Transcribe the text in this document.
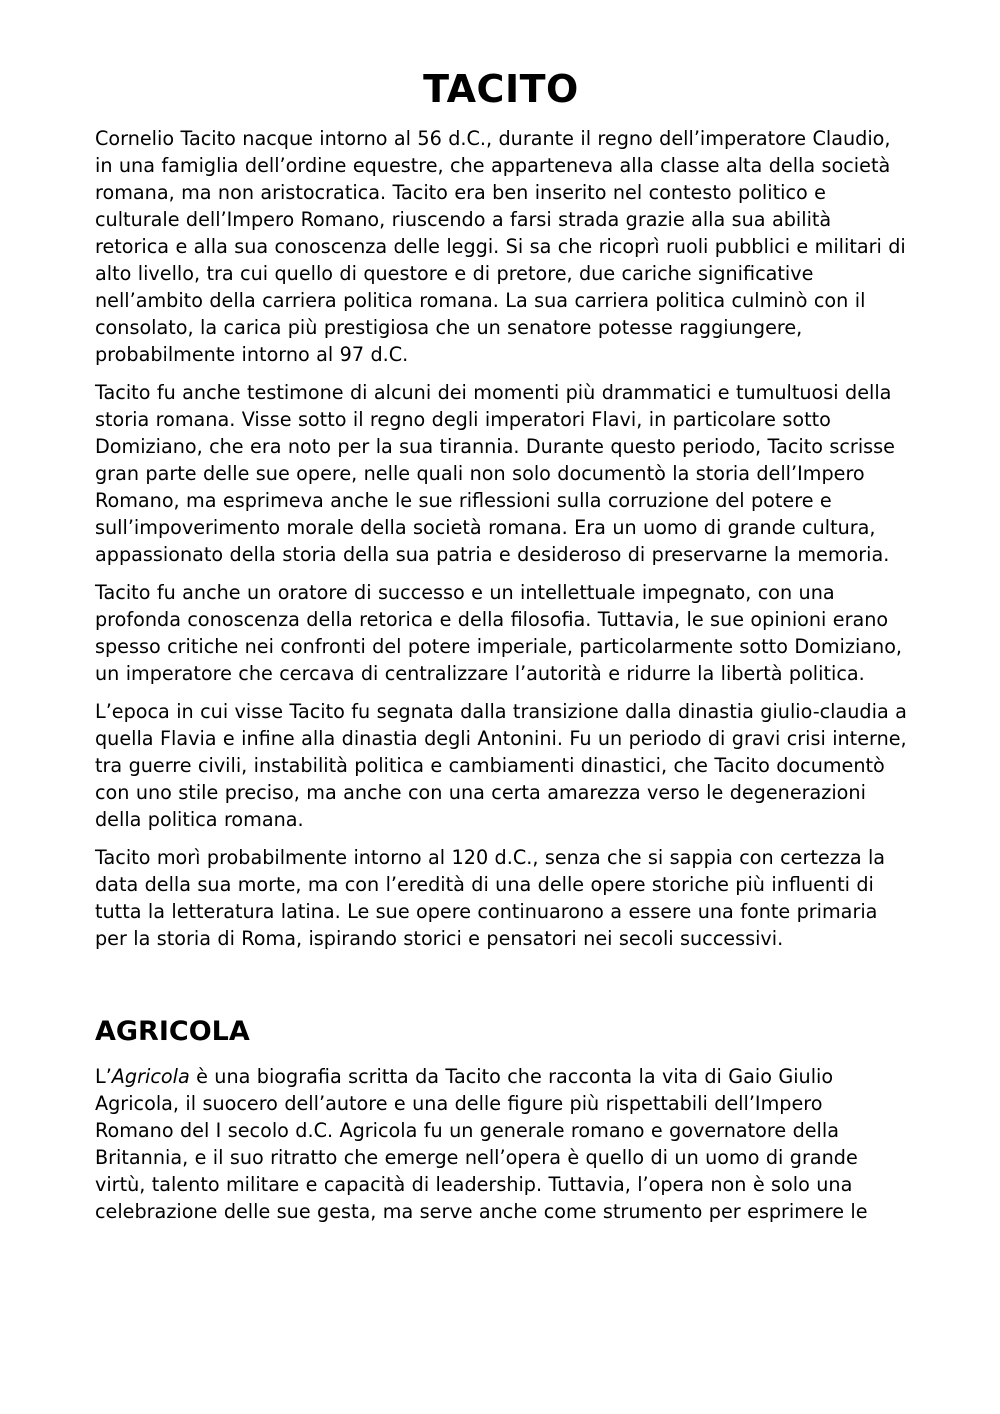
TACITO

Cornelio Tacito nacque intorno al 56 d.C., durante il regno dell’imperatore Claudio, in una famiglia dell’ordine equestre, che apparteneva alla classe alta della società romana, ma non aristocratica. Tacito era ben inserito nel contesto politico e culturale dell’Impero Romano, riuscendo a farsi strada grazie alla sua abilità retorica e alla sua conoscenza delle leggi. Si sa che ricoprì ruoli pubblici e militari di alto livello, tra cui quello di questore e di pretore, due cariche significative nell’ambito della carriera politica romana. La sua carriera politica culminò con il consolato, la carica più prestigiosa che un senatore potesse raggiungere, probabilmente intorno al 97 d.C.

Tacito fu anche testimone di alcuni dei momenti più drammatici e tumultuosi della storia romana. Visse sotto il regno degli imperatori Flavi, in particolare sotto Domiziano, che era noto per la sua tirannia. Durante questo periodo, Tacito scrisse gran parte delle sue opere, nelle quali non solo documentò la storia dell’Impero Romano, ma esprimeva anche le sue riflessioni sulla corruzione del potere e sull’impoverimento morale della società romana. Era un uomo di grande cultura, appassionato della storia della sua patria e desideroso di preservarne la memoria.

Tacito fu anche un oratore di successo e un intellettuale impegnato, con una profonda conoscenza della retorica e della filosofia. Tuttavia, le sue opinioni erano spesso critiche nei confronti del potere imperiale, particolarmente sotto Domiziano, un imperatore che cercava di centralizzare l’autorità e ridurre la libertà politica.

L’epoca in cui visse Tacito fu segnata dalla transizione dalla dinastia giulio-claudia a quella Flavia e infine alla dinastia degli Antonini. Fu un periodo di gravi crisi interne, tra guerre civili, instabilità politica e cambiamenti dinastici, che Tacito documentò con uno stile preciso, ma anche con una certa amarezza verso le degenerazioni della politica romana.

Tacito morì probabilmente intorno al 120 d.C., senza che si sappia con certezza la data della sua morte, ma con l’eredità di una delle opere storiche più influenti di tutta la letteratura latina. Le sue opere continuarono a essere una fonte primaria per la storia di Roma, ispirando storici e pensatori nei secoli successivi.

AGRICOLA

L’Agricola è una biografia scritta da Tacito che racconta la vita di Gaio Giulio Agricola, il suocero dell’autore e una delle figure più rispettabili dell’Impero Romano del I secolo d.C. Agricola fu un generale romano e governatore della Britannia, e il suo ritratto che emerge nell’opera è quello di un uomo di grande virtù, talento militare e capacità di leadership. Tuttavia, l’opera non è solo una celebrazione delle sue gesta, ma serve anche come strumento per esprimere le
